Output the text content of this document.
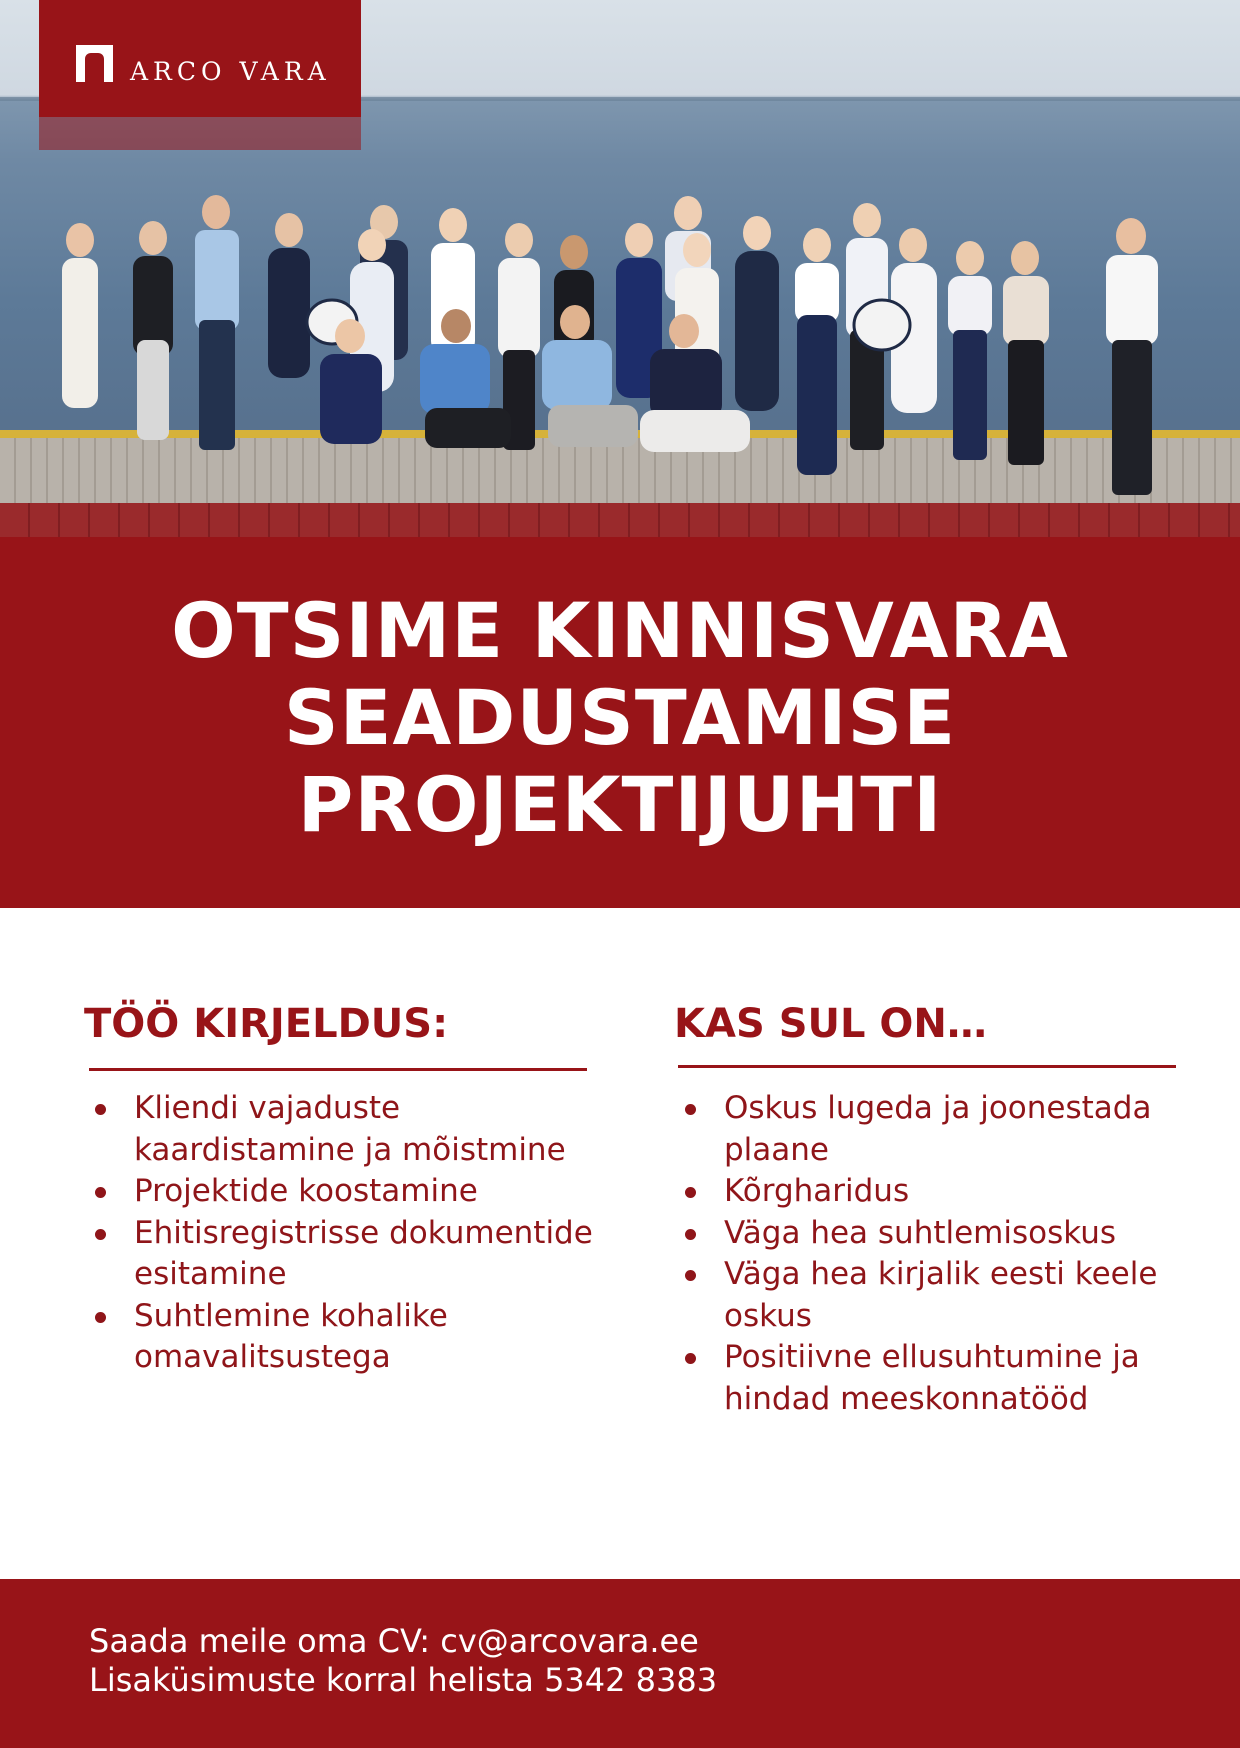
ARCO VARA
OTSIME KINNISVARA
SEADUSTAMISE
PROJEKTIJUHTI
TÖÖ KIRJELDUS:
Kliendi vajaduste kaardistamine ja mõistmine
Projektide koostamine
Ehitisregistrisse dokumentide esitamine
Suhtlemine kohalike omavalitsustega
KAS SUL ON…
Oskus lugeda ja joonestada plaane
Kõrgharidus
Väga hea suhtlemisoskus
Väga hea kirjalik eesti keele oskus
Positiivne ellusuhtumine ja hindad meeskonnatööd

Saada meile oma CV: cv@arcovara.ee

Lisaküsimuste korral helista 5342 8383
